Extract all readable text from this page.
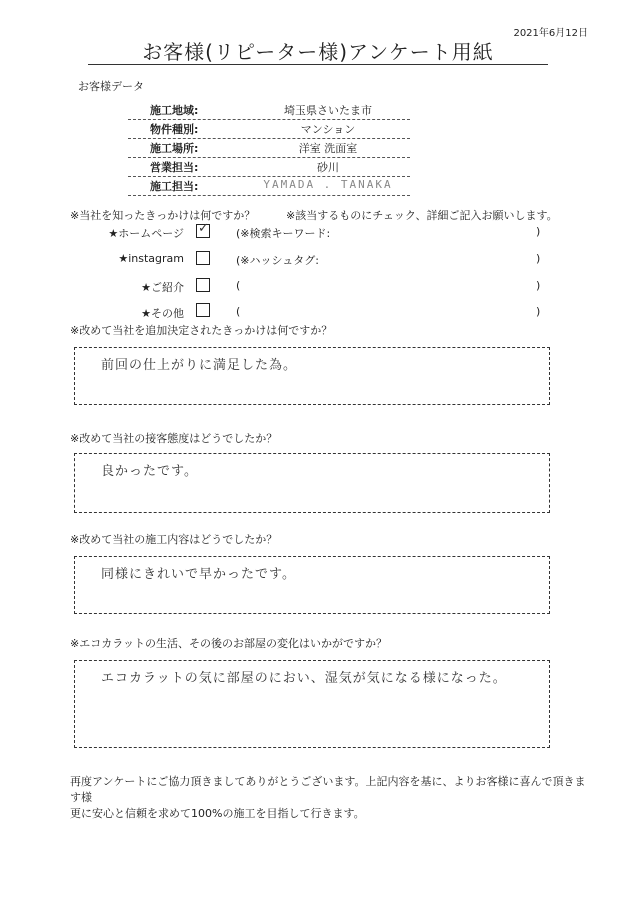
2021年6月12日
お客様(リピーター様)アンケート用紙
お客様データ
施工地域:	埼玉県さいたま市
物件種別:	マンション
施工場所:	洋室 洗面室
営業担当:	砂川
施工担当:	YAMADA . TANAKA
※当社を知ったきっかけは何ですか？	※該当するものにチェック、詳細ご記入お願いします。
★ホームページ ✓ (※検索キーワード:	)
★instagram	(※ハッシュタグ:	)
★ご紹介	(	)
★その他	(	)
※改めて当社を追加決定されたきっかけは何ですか？
前回の仕上がりに満足した為。
※改めて当社の接客態度はどうでしたか？
良かったです。
※改めて当社の施工内容はどうでしたか？
同様にきれいで早かったです。
※エコカラットの生活、その後のお部屋の変化はいかがですか？
エコカラットの気に部屋のにおい、湿気が気になる様になった。
再度アンケートにご協力頂きましてありがとうございます。上記内容を基に、よりお客様に喜んで頂きます様
更に安心と信頼を求めて100%の施工を目指して行きます。
